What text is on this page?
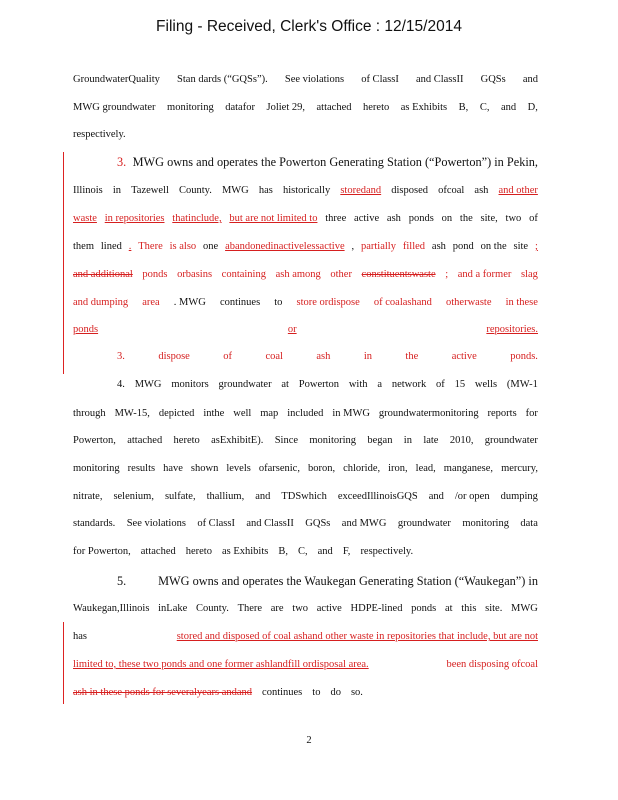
Filing - Received, Clerk's Office : 12/15/2014

GroundwaterQuality Stan dards (“GQSs”). See violations of ClassI and ClassII GQSs and

MWG groundwater monitoring datafor Joliet 29, attached hereto as Exhibits B, C, and D,

respectively.

3. MWG owns and operates the Powerton Generating Station (“Powerton”) in Pekin,

Illinois in Tazewell County. MWG has historically storedand disposed ofcoal ash and other

waste in repositories thatinclude, but are not limited to three active ash ponds on the site, two of

them lined . There is also one abandonedinactivelessactive , partially filled ash pond on the site ;

and additional ponds orbasins containing ash among other constituentswaste ; and a former slag

and dumping area . MWG continues to store ordispose of coalashand otherwaste in these

ponds	or	repositories.

3.	dispose	of	coal	ash	in	the	active	ponds.

4. MWG monitors groundwater at Powerton with a network of 15 wells (MW-1

through MW-15, depicted inthe well map included in MWG groundwatermonitoring reports for

Powerton, attached hereto asExhibitE). Since monitoring began in late 2010, groundwater

monitoring results have shown levels ofarsenic, boron, chloride, iron, lead, manganese, mercury,

nitrate, selenium, sulfate, thallium, and TDSwhich exceedIllinoisGQS and /or open dumping

standards. See violations of ClassI and ClassII GQSs and MWG groundwater monitoring data

for Powerton, attached hereto as Exhibits B, C, and F, respectively.

5.	MWG owns and operates the Waukegan Generating Station (“Waukegan”) in

Waukegan,Illinois inLake County. There are two active HDPE-lined ponds at this site. MWG

has	stored and disposed of coal ashand other waste in repositories that include, but are not

limited to, these two ponds and one former ashlandfill ordisposal area.	been disposing ofcoal

ash in these ponds for severalyears andand continues to do so.

2
